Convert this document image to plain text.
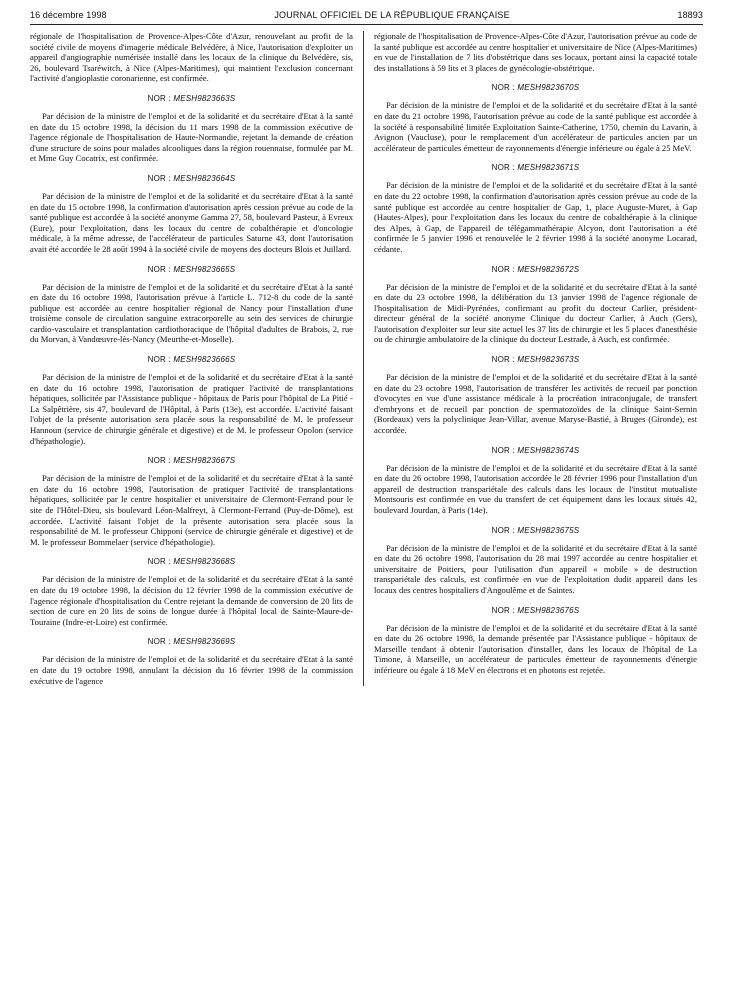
16 décembre 1998	JOURNAL OFFICIEL DE LA RÉPUBLIQUE FRANÇAISE	18893

régionale de l'hospitalisation de Provence-Alpes-Côte d'Azur, renouvelant au profit de la société civile de moyens d'imagerie médicale Belvédère, à Nice, l'autorisation d'exploiter un appareil d'angiographie numérisée installé dans les locaux de la clinique du Belvédère, sis, 26, boulevard Tsaréwitch, à Nice (Alpes-Maritimes), qui maintient l'exclusion concernant l'activité d'angioplastie coronarienne, est confirmée.

NOR : MESH9823663S

Par décision de la ministre de l'emploi et de la solidarité et du secrétaire d'Etat à la santé en date du 15 octobre 1998, la décision du 11 mars 1998 de la commission exécutive de l'agence régionale de l'hospitalisation de Haute-Normandie, rejetant la demande de création d'une structure de soins pour malades alcooliques dans la région rouennaise, formulée par M. et Mme Guy Cocatrix, est confirmée.

NOR : MESH9823664S

Par décision de la ministre de l'emploi et de la solidarité et du secrétaire d'Etat à la santé en date du 15 octobre 1998, la confirmation d'autorisation après cession prévue au code de la santé publique est accordée à la société anonyme Gamma 27, 58, boulevard Pasteur, à Evreux (Eure), pour l'exploitation, dans les locaux du centre de cobalthérapie et d'oncologie médicale, à la même adresse, de l'accélérateur de particules Saturne 43, dont l'autorisation avait été accordée le 28 août 1994 à la société civile de moyens des docteurs Blois et Juillard.

NOR : MESH9823665S

Par décision de la ministre de l'emploi et de la solidarité et du secrétaire d'Etat à la santé en date du 16 octobre 1998, l'autorisation prévue à l'article L. 712-8 du code de la santé publique est accordée au centre hospitalier régional de Nancy pour l'installation d'une troisième console de circulation sanguine extracorporelle au sein des services de chirurgie cardio-vasculaire et transplantation cardiothoracique de l'hôpital d'adultes de Brabois, 2, rue du Morvan, à Vandœuvre-lès-Nancy (Meurthe-et-Moselle).

NOR : MESH9823666S

Par décision de la ministre de l'emploi et de la solidarité et du secrétaire d'Etat à la santé en date du 16 octobre 1998, l'autorisation de pratiquer l'activité de transplantations hépatiques, sollicitée par l'Assistance publique - hôpitaux de Paris pour l'hôpital de La Pitié - La Salpêtrière, sis 47, boulevard de l'Hôpital, à Paris (13e), est accordée. L'activité faisant l'objet de la présente autorisation sera placée sous la responsabilité de M. le professeur Hannoun (service de chirurgie générale et digestive) et de M. le professeur Opolon (service d'hépathologie).

NOR : MESH9823667S

Par décision de la ministre de l'emploi et de la solidarité et du secrétaire d'Etat à la santé en date du 16 octobre 1998, l'autorisation de pratiquer l'activité de transplantations hépatiques, sollicitée par le centre hospitalier et universitaire de Clermont-Ferrand pour le site de l'Hôtel-Dieu, sis boulevard Léon-Malfreyt, à Clermont-Ferrand (Puy-de-Dôme), est accordée. L'activité faisant l'objet de la présente autorisation sera placée sous la responsabilité de M. le professeur Chipponi (service de chirurgie générale et digestive) et de M. le professeur Bommelaer (service d'hépathologie).

NOR : MESH9823668S

Par décision de la ministre de l'emploi et de la solidarité et du secrétaire d'Etat à la santé en date du 19 octobre 1998, la décision du 12 février 1998 de la commission exécutive de l'agence régionale d'hospitalisation du Centre rejetant la demande de conversion de 20 lits de section de cure en 20 lits de soins de longue durée à l'hôpital local de Sainte-Maure-de-Touraine (Indre-et-Loire) est confirmée.

NOR : MESH9823669S

Par décision de la ministre de l'emploi et de la solidarité et du secrétaire d'Etat à la santé en date du 19 octobre 1998, annulant la décision du 16 février 1998 de la commission exécutive de l'agence

régionale de l'hospitalisation de Provence-Alpes-Côte d'Azur, l'autorisation prévue au code de la santé publique est accordée au centre hospitalier et universitaire de Nice (Alpes-Maritimes) en vue de l'installation de 7 lits d'obstétrique dans ses locaux, portant ainsi la capacité totale des installations à 59 lits et 3 places de gynécologie-obstétrique.

NOR : MESH9823670S

Par décision de la ministre de l'emploi et de la solidarité et du secrétaire d'Etat à la santé en date du 21 octobre 1998, l'autorisation prévue au code de la santé publique est accordée à la société à responsabilité limitée Exploitation Sainte-Catherine, 1750, chemin du Lavarin, à Avignon (Vaucluse), pour le remplacement d'un accélérateur de particules ancien par un accélérateur de particules émetteur de rayonnements d'énergie inférieure ou égale à 25 MeV.

NOR : MESH9823671S

Par décision de la ministre de l'emploi et de la solidarité et du secrétaire d'Etat à la santé en date du 22 octobre 1998, la confirmation d'autorisation après cession prévue au code de la santé publique est accordée au centre hospitalier de Gap, 1, place Auguste-Muret, à Gap (Hautes-Alpes), pour l'exploitation dans les locaux du centre de cobalthérapie à la clinique des Alpes, à Gap, de l'appareil de télégammathérapie Alcyon, dont l'autorisation a été confirmée le 5 janvier 1996 et renouvelée le 2 février 1998 à la société anonyme Locarad, cédante.

NOR : MESH9823672S

Par décision de la ministre de l'emploi et de la solidarité et du secrétaire d'Etat à la santé en date du 23 octobre 1998, la délibération du 13 janvier 1998 de l'agence régionale de l'hospitalisation de Midi-Pyrénées, confirmant au profit du docteur Carlier, président-directeur général de la société anonyme Clinique du docteur Carlier, à Auch (Gers), l'autorisation d'exploiter sur leur site actuel les 37 lits de chirurgie et les 5 places d'anesthésie ou de chirurgie ambulatoire de la clinique du docteur Lestrade, à Auch, est confirmée.

NOR : MESH9823673S

Par décision de la ministre de l'emploi et de la solidarité et du secrétaire d'Etat à la santé en date du 23 octobre 1998, l'autorisation de transférer les activités de recueil par ponction d'ovocytes en vue d'une assistance médicale à la procréation intraconjugale, de transfert d'embryons et de recueil par ponction de spermatozoïdes de la clinique Saint-Sernin (Bordeaux) vers la polyclinique Jean-Villar, avenue Maryse-Bastié, à Bruges (Gironde), est accordée.

NOR : MESH9823674S

Par décision de la ministre de l'emploi et de la solidarité et du secrétaire d'Etat à la santé en date du 26 octobre 1998, l'autorisation accordée le 28 février 1996 pour l'installation d'un appareil de destruction transpariétale des calculs dans les locaux de l'institut mutualiste Montsouris est confirmée en vue du transfert de cet équipement dans les locaux situés 42, boulevard Jourdan, à Paris (14e).

NOR : MESH9823675S

Par décision de la ministre de l'emploi et de la solidarité et du secrétaire d'Etat à la santé en date du 26 octobre 1998, l'autorisation du 28 mai 1997 accordée au centre hospitalier et universitaire de Poitiers, pour l'utilisation d'un appareil « mobile » de destruction transpariétale des calculs, est confirmée en vue de l'exploitation dudit appareil dans les locaux des centres hospitaliers d'Angoulême et de Saintes.

NOR : MESH9823676S

Par décision de la ministre de l'emploi et de la solidarité et du secrétaire d'Etat à la santé en date du 26 octobre 1998, la demande présentée par l'Assistance publique - hôpitaux de Marseille tendant à obtenir l'autorisation d'installer, dans les locaux de l'hôpital de La Timone, à Marseille, un accélérateur de particules émetteur de rayonnements d'énergie inférieure ou égale à 18 MeV en électrons et en photons est rejetée.
